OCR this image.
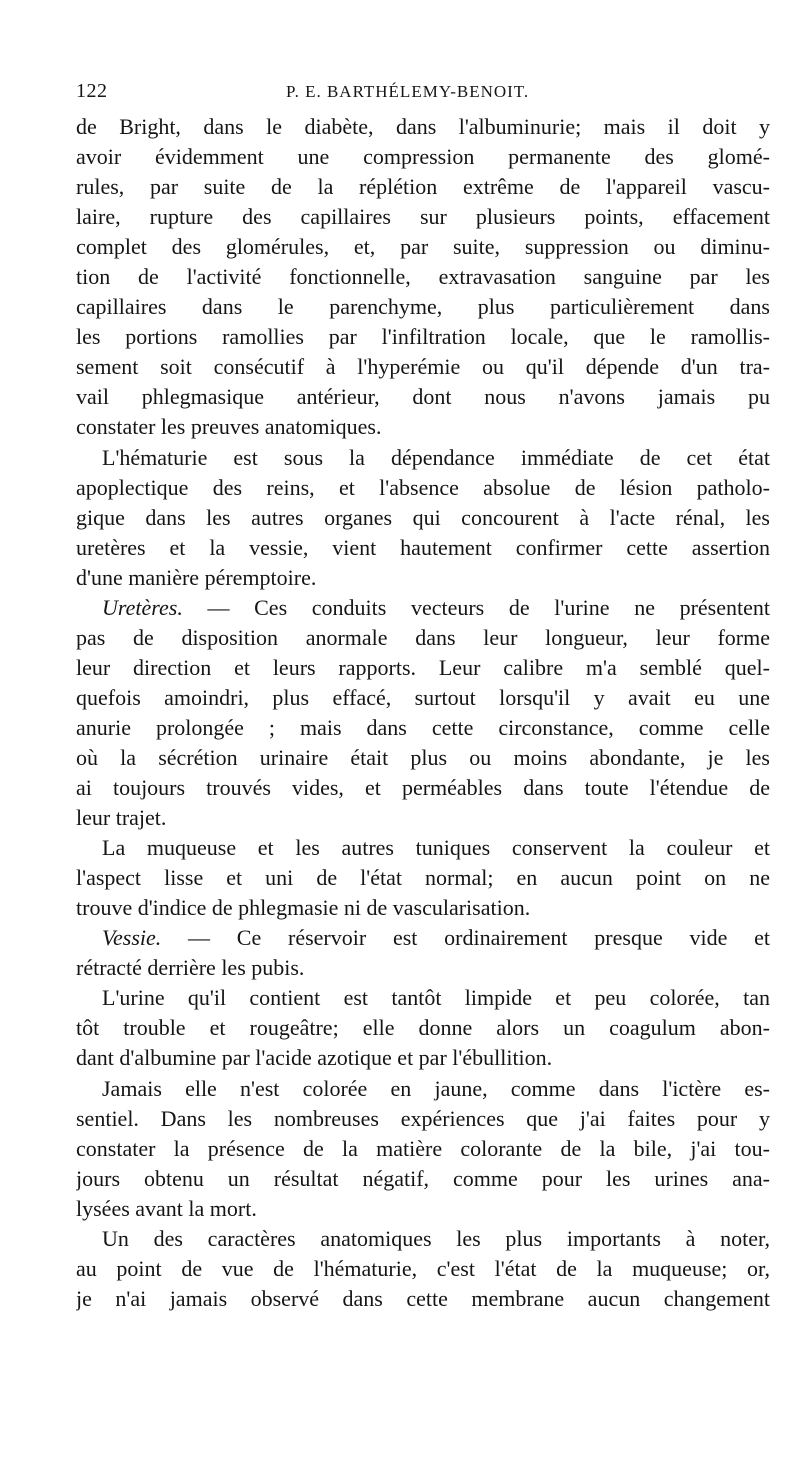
122	P. E. BARTHÉLEMY-BENOIT.
de Bright, dans le diabète, dans l'albuminurie; mais il doit y
avoir évidemment une compression permanente des glomé-
rules, par suite de la réplétion extrême de l'appareil vascu-
laire, rupture des capillaires sur plusieurs points, effacement
complet des glomérules, et, par suite, suppression ou diminu-
tion de l'activité fonctionnelle, extravasation sanguine par les
capillaires dans le parenchyme, plus particulièrement dans
les portions ramollies par l'infiltration locale, que le ramollis-
sement soit consécutif à l'hyperémie ou qu'il dépende d'un tra-
vail phlegmasique antérieur, dont nous n'avons jamais pu
constater les preuves anatomiques.
L'hématurie est sous la dépendance immédiate de cet état
apoplectique des reins, et l'absence absolue de lésion patholo-
gique dans les autres organes qui concourent à l'acte rénal, les
uretères et la vessie, vient hautement confirmer cette assertion
d'une manière péremptoire.
Uretères. — Ces conduits vecteurs de l'urine ne présentent
pas de disposition anormale dans leur longueur, leur forme
leur direction et leurs rapports. Leur calibre m'a semblé quel-
quefois amoindri, plus effacé, surtout lorsqu'il y avait eu une
anurie prolongée ; mais dans cette circonstance, comme celle
où la sécrétion urinaire était plus ou moins abondante, je les
ai toujours trouvés vides, et perméables dans toute l'étendue de
leur trajet.
La muqueuse et les autres tuniques conservent la couleur et
l'aspect lisse et uni de l'état normal; en aucun point on ne
trouve d'indice de phlegmasie ni de vascularisation.
Vessie. — Ce réservoir est ordinairement presque vide et
rétracté derrière les pubis.
L'urine qu'il contient est tantôt limpide et peu colorée, tan
tôt trouble et rougeâtre; elle donne alors un coagulum abon-
dant d'albumine par l'acide azotique et par l'ébullition.
Jamais elle n'est colorée en jaune, comme dans l'ictère es-
sentiel. Dans les nombreuses expériences que j'ai faites pour y
constater la présence de la matière colorante de la bile, j'ai tou-
jours obtenu un résultat négatif, comme pour les urines ana-
lysées avant la mort.
Un des caractères anatomiques les plus importants à noter,
au point de vue de l'hématurie, c'est l'état de la muqueuse; or,
je n'ai jamais observé dans cette membrane aucun changement
